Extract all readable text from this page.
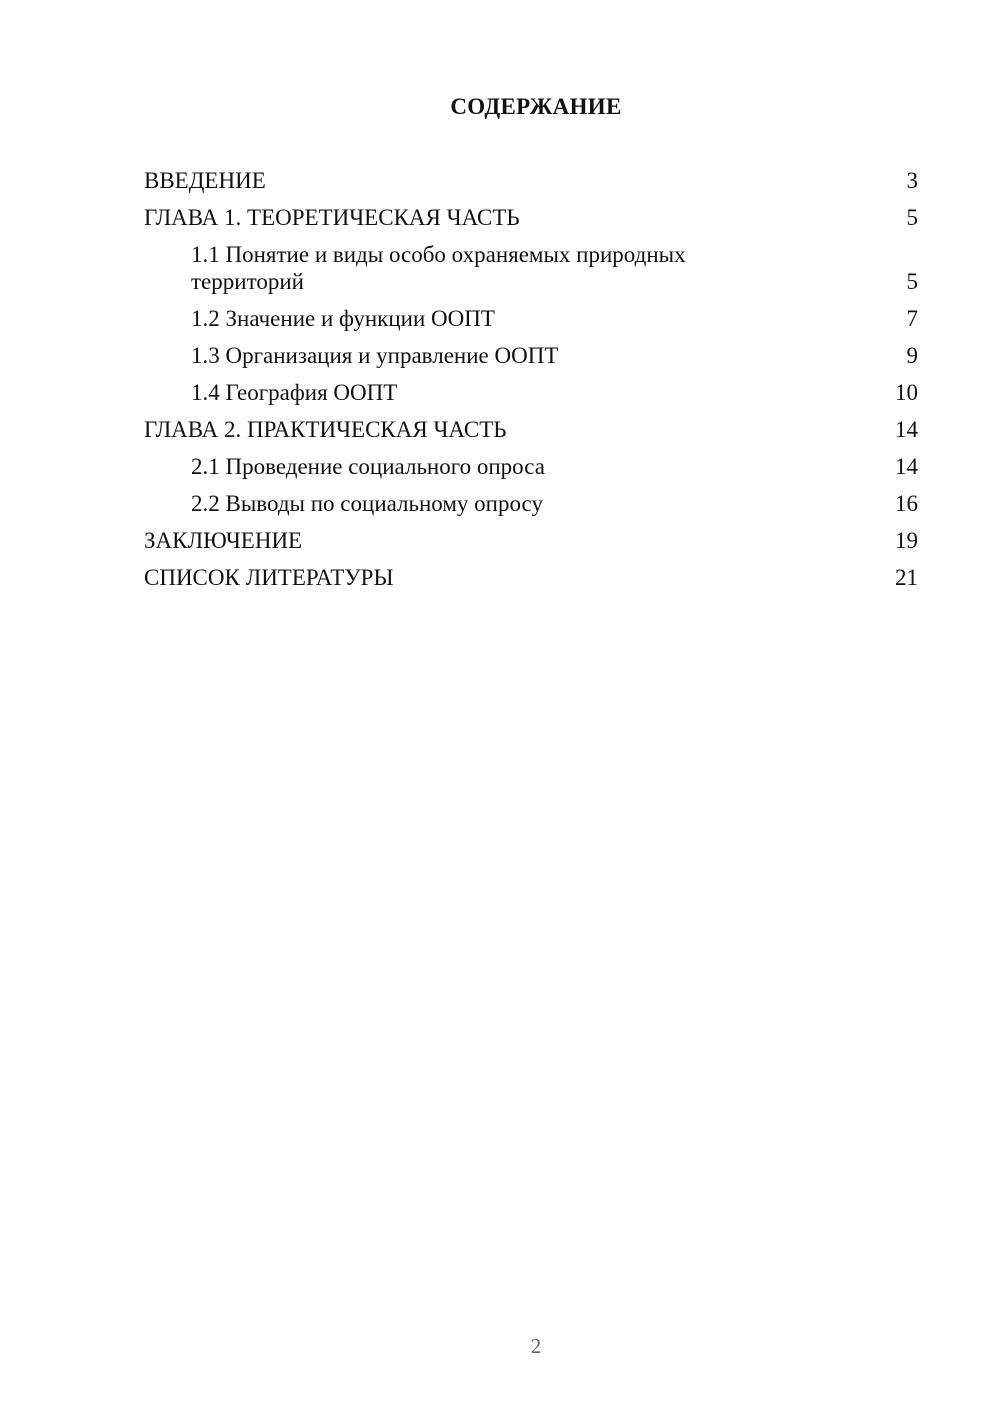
СОДЕРЖАНИЕ
ВВЕДЕНИЕ	3
ГЛАВА 1. ТЕОРЕТИЧЕСКАЯ ЧАСТЬ	5
1.1 Понятие и виды особо охраняемых природных территорий	5
1.2 Значение и функции ООПТ	7
1.3 Организация и управление ООПТ	9
1.4 География ООПТ	10
ГЛАВА 2. ПРАКТИЧЕСКАЯ ЧАСТЬ	14
2.1 Проведение социального опроса	14
2.2 Выводы по социальному опросу	16
ЗАКЛЮЧЕНИЕ	19
СПИСОК ЛИТЕРАТУРЫ	21
2
